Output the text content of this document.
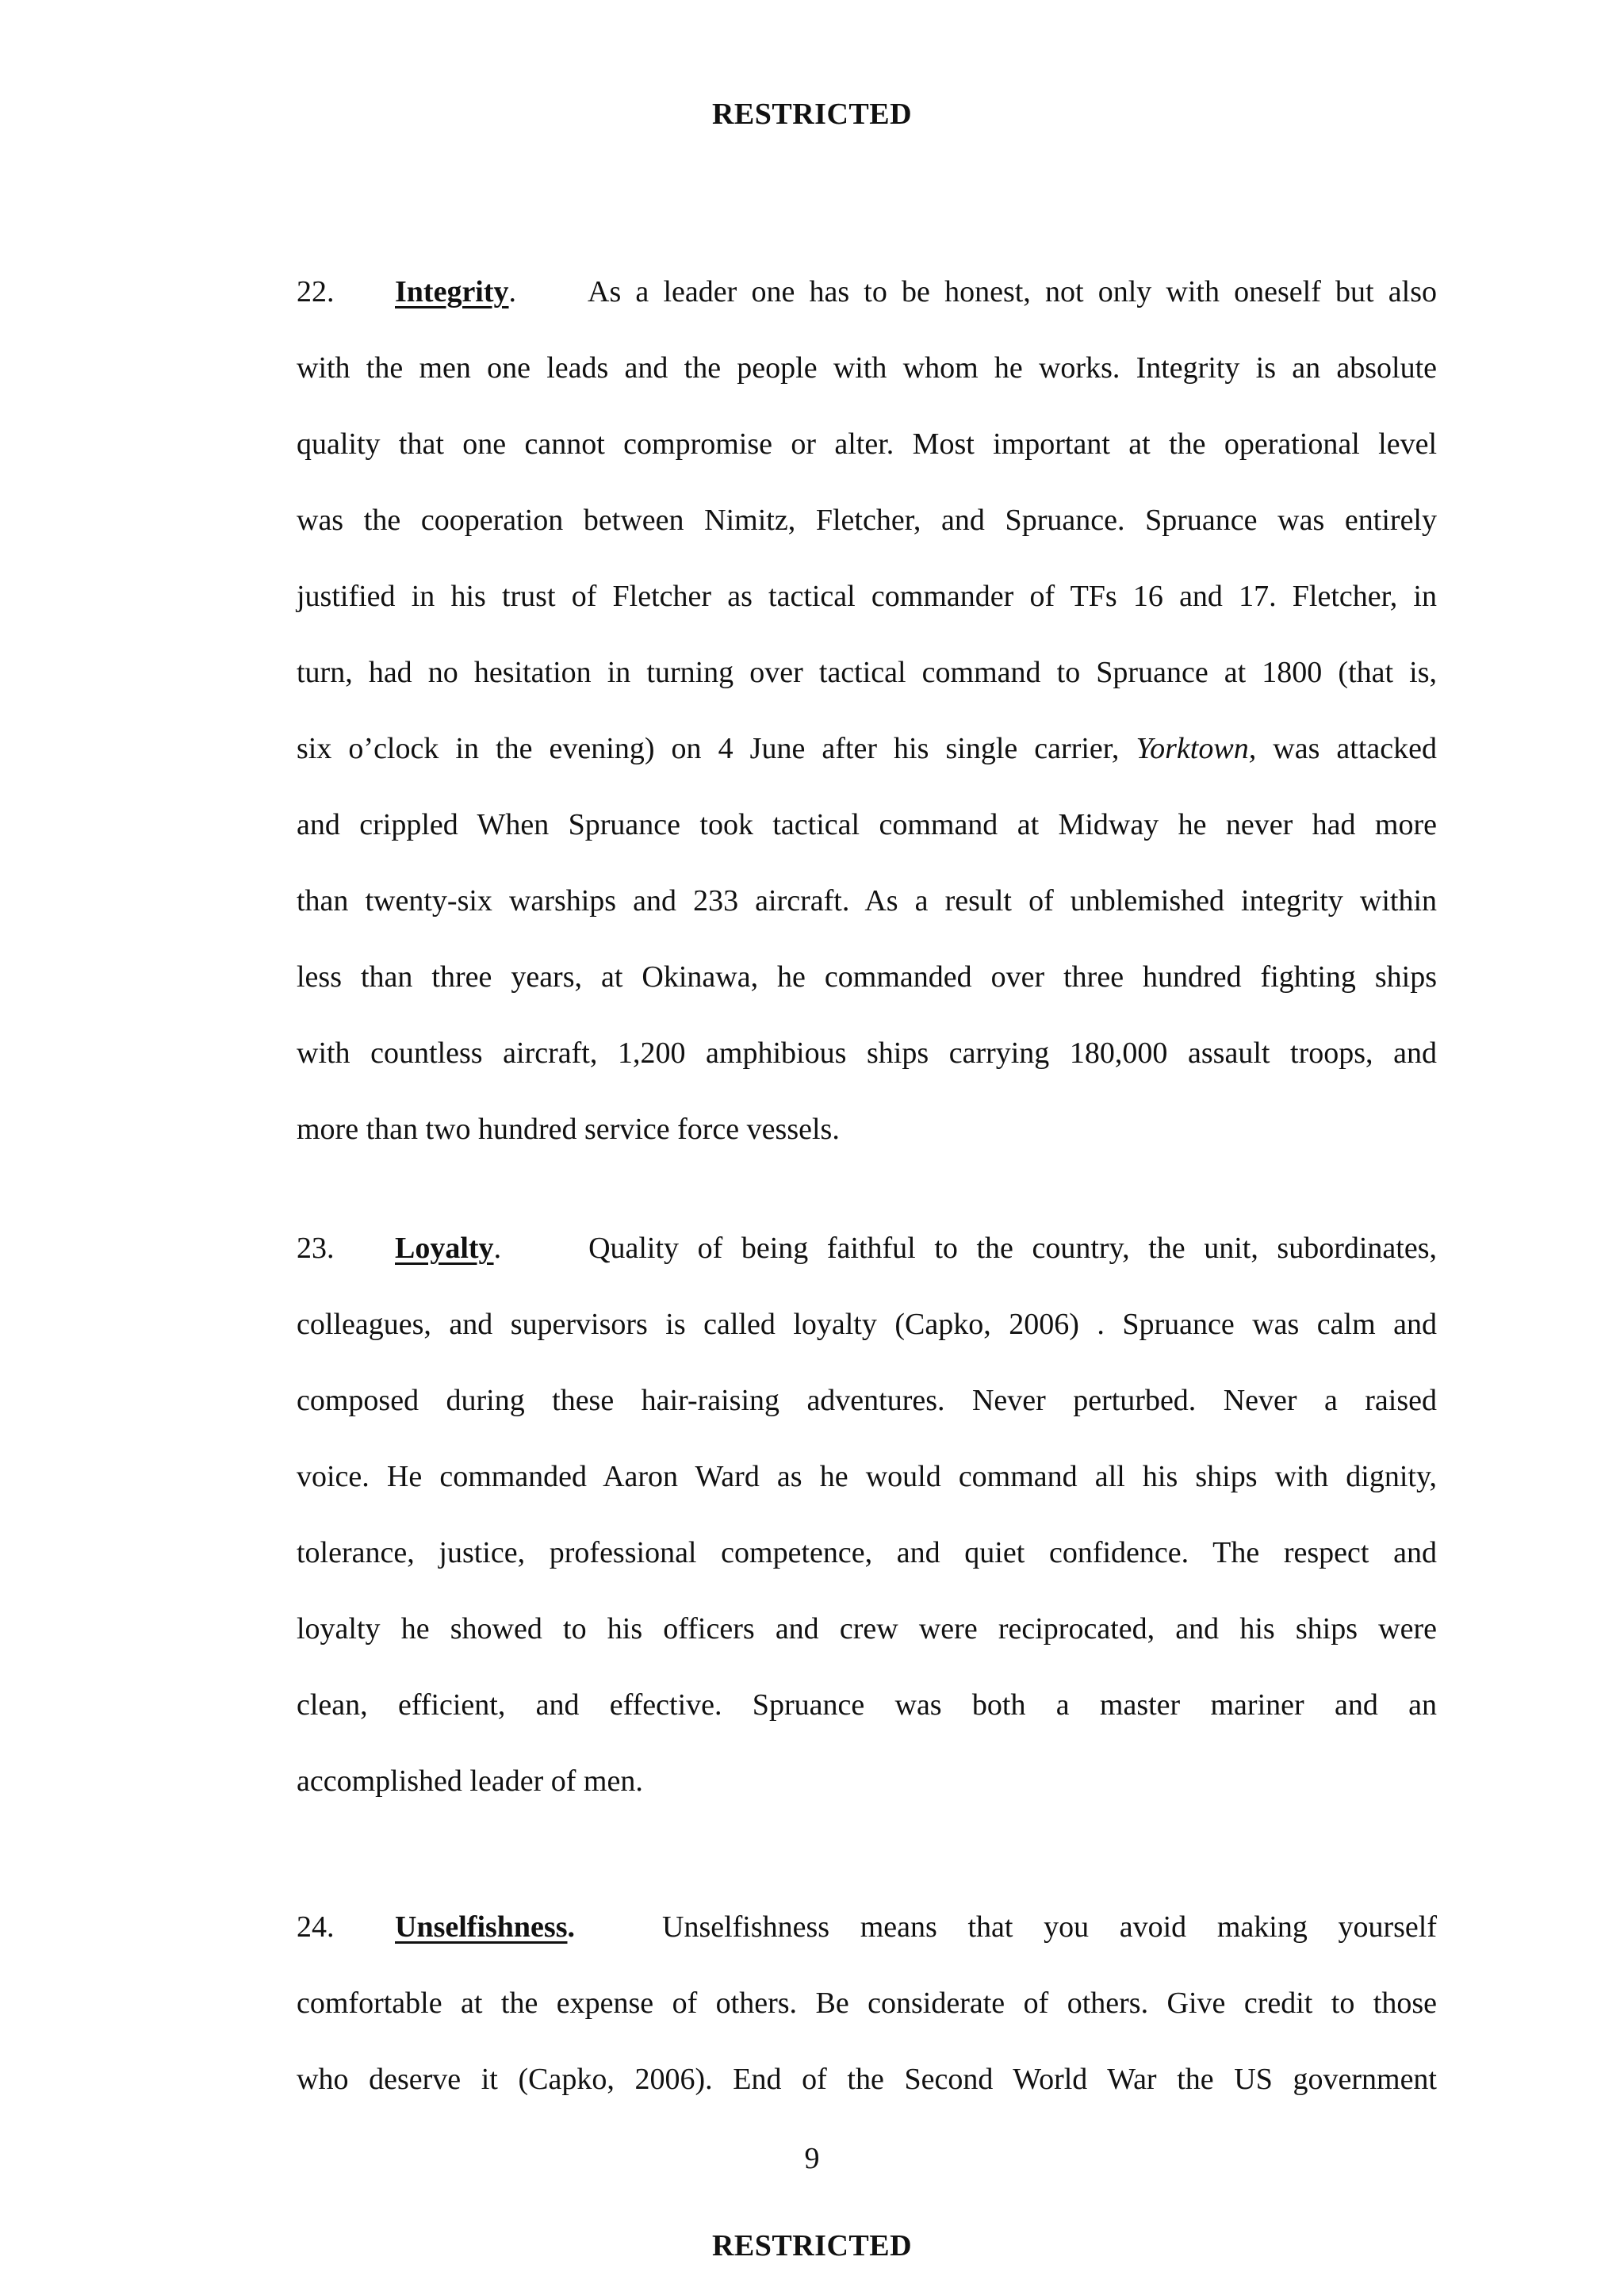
RESTRICTED
22. Integrity. As a leader one has to be honest, not only with oneself but also
with the men one leads and the people with whom he works. Integrity is an absolute
quality that one cannot compromise or alter. Most important at the operational level
was the cooperation between Nimitz, Fletcher, and Spruance. Spruance was entirely
justified in his trust of Fletcher as tactical commander of TFs 16 and 17. Fletcher, in
turn, had no hesitation in turning over tactical command to Spruance at 1800 (that is,
six o’clock in the evening) on 4 June after his single carrier, Yorktown, was attacked
and crippled When Spruance took tactical command at Midway he never had more
than twenty-six warships and 233 aircraft. As a result of unblemished integrity within
less than three years, at Okinawa, he commanded over three hundred fighting ships
with countless aircraft, 1,200 amphibious ships carrying 180,000 assault troops, and
more than two hundred service force vessels.
23. Loyalty.	Quality of being faithful to the country, the unit, subordinates,
colleagues, and supervisors is called loyalty (Capko, 2006) . Spruance was calm and
composed during these hair-raising adventures. Never perturbed. Never a raised
voice. He commanded Aaron Ward as he would command all his ships with dignity,
tolerance, justice, professional competence, and quiet confidence. The respect and
loyalty he showed to his officers and crew were reciprocated, and his ships were
clean, efficient, and effective. Spruance was both a master mariner and an
accomplished leader of men.
24. Unselfishness.	Unselfishness means that you avoid making yourself
comfortable at the expense of others. Be considerate of others. Give credit to those
who deserve it (Capko, 2006). End of the Second World War the US government
9
RESTRICTED
